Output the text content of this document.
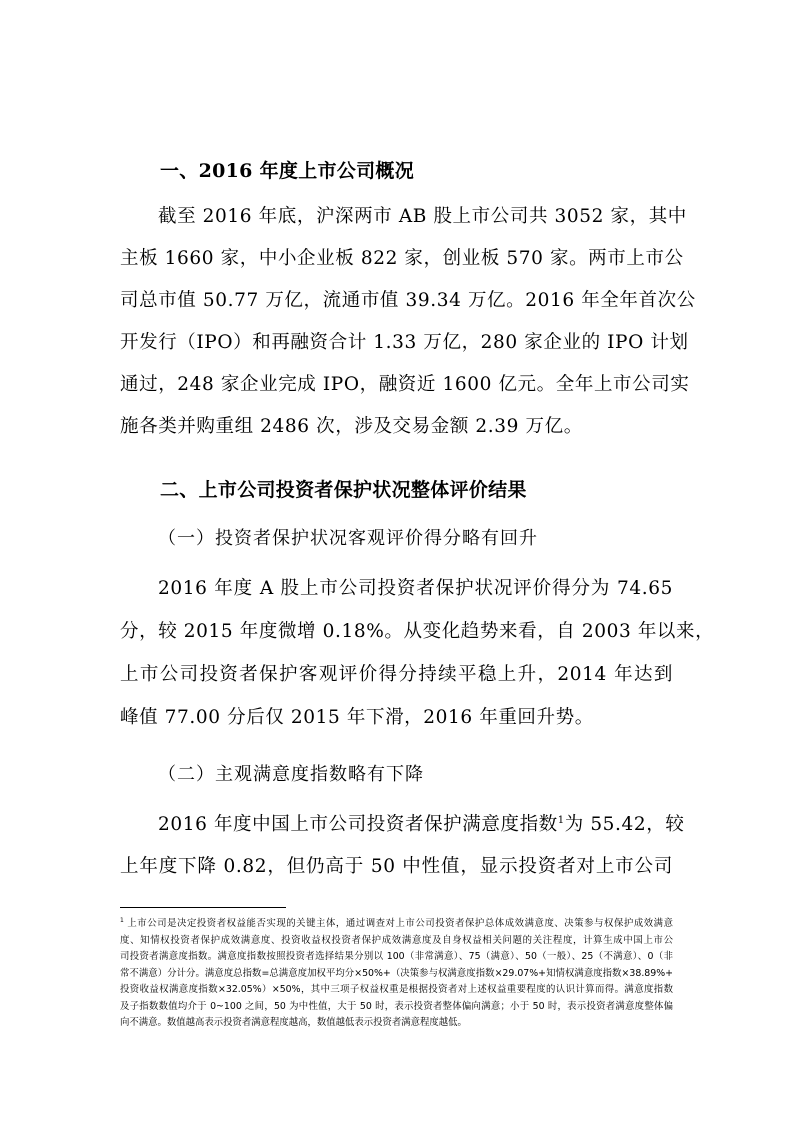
一、2016 年度上市公司概况
截至 2016 年底，沪深两市 AB 股上市公司共 3052 家，其中
主板 1660 家，中小企业板 822 家，创业板 570 家。两市上市公
司总市值 50.77 万亿，流通市值 39.34 万亿。2016 年全年首次公
开发行（IPO）和再融资合计 1.33 万亿，280 家企业的 IPO 计划
通过，248 家企业完成 IPO，融资近 1600 亿元。全年上市公司实
施各类并购重组 2486 次，涉及交易金额 2.39 万亿。
二、上市公司投资者保护状况整体评价结果
（一）投资者保护状况客观评价得分略有回升
2016 年度 A 股上市公司投资者保护状况评价得分为 74.65
分，较 2015 年度微增 0.18%。从变化趋势来看，自 2003 年以来，
上市公司投资者保护客观评价得分持续平稳上升，2014 年达到
峰值 77.00 分后仅 2015 年下滑，2016 年重回升势。
（二）主观满意度指数略有下降
2016 年度中国上市公司投资者保护满意度指数$^1$为 55.42，较
上年度下降 0.82，但仍高于 50 中性值，显示投资者对上市公司
$^1$ 上市公司是决定投资者权益能否实现的关键主体，通过调查对上市公司投资者保护总体成效满意度、决策参与权保护成效满意
度、知情权投资者保护成效满意度、投资收益权投资者保护成效满意度及自身权益相关问题的关注程度，计算生成中国上市公
司投资者满意度指数。满意度指数按照投资者选择结果分别以 100（非常满意）、75（满意）、50（一般）、25（不满意）、0（非
常不满意）分计分。满意度总指数=总满意度加权平均分×50%+（决策参与权满意度指数×29.07%+知情权满意度指数×38.89%+
投资收益权满意度指数×32.05%）×50%，其中三项子权益权重是根据投资者对上述权益重要程度的认识计算而得。满意度指数
及子指数数值均介于 0~100 之间，50 为中性值，大于 50 时，表示投资者整体偏向满意；小于 50 时，表示投资者满意度整体偏
向不满意。数值越高表示投资者满意程度越高，数值越低表示投资者满意程度越低。
